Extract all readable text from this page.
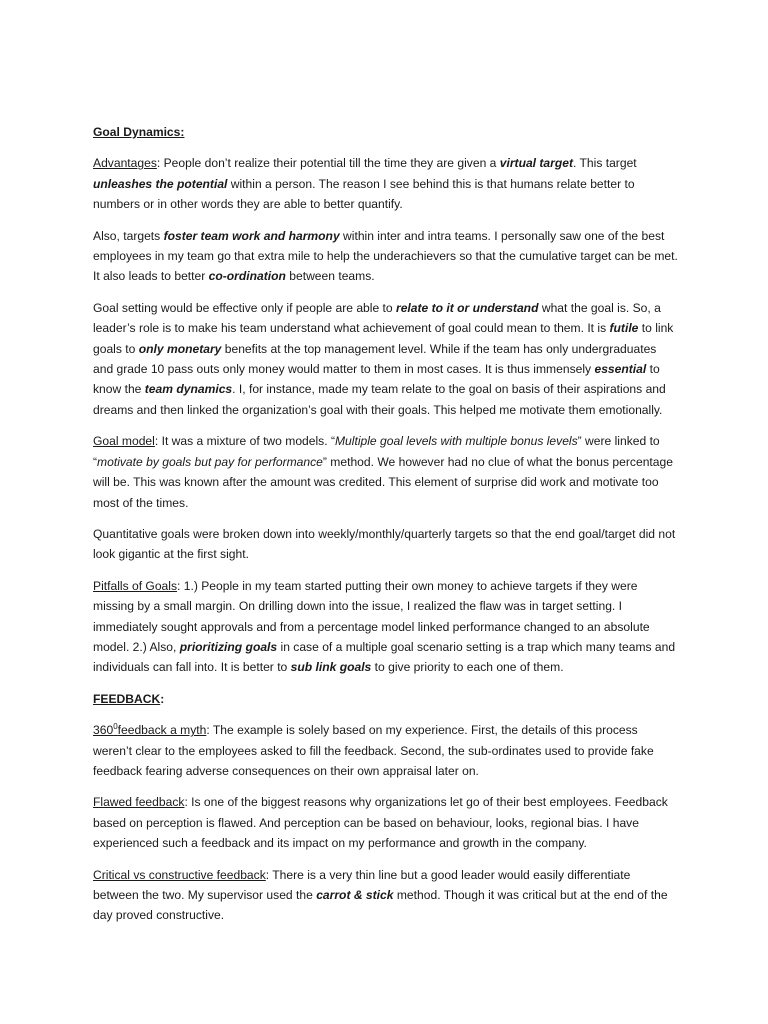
Goal Dynamics:

Advantages: People don’t realize their potential till the time they are given a virtual target. This target unleashes the potential within a person. The reason I see behind this is that humans relate better to numbers or in other words they are able to better quantify.

Also, targets foster team work and harmony within inter and intra teams. I personally saw one of the best employees in my team go that extra mile to help the underachievers so that the cumulative target can be met. It also leads to better co-ordination between teams.

Goal setting would be effective only if people are able to relate to it or understand what the goal is. So, a leader’s role is to make his team understand what achievement of goal could mean to them. It is futile to link goals to only monetary benefits at the top management level. While if the team has only undergraduates and grade 10 pass outs only money would matter to them in most cases. It is thus immensely essential to know the team dynamics. I, for instance, made my team relate to the goal on basis of their aspirations and dreams and then linked the organization’s goal with their goals. This helped me motivate them emotionally.

Goal model: It was a mixture of two models. “Multiple goal levels with multiple bonus levels” were linked to “motivate by goals but pay for performance” method. We however had no clue of what the bonus percentage will be. This was known after the amount was credited. This element of surprise did work and motivate too most of the times.

Quantitative goals were broken down into weekly/monthly/quarterly targets so that the end goal/target did not look gigantic at the first sight.

Pitfalls of Goals: 1.) People in my team started putting their own money to achieve targets if they were missing by a small margin. On drilling down into the issue, I realized the flaw was in target setting. I immediately sought approvals and from a percentage model linked performance changed to an absolute model. 2.) Also, prioritizing goals in case of a multiple goal scenario setting is a trap which many teams and individuals can fall into. It is better to sub link goals to give priority to each one of them.

FEEDBACK:

$360^0feedback$ a myth: The example is solely based on my experience. First, the details of this process weren’t clear to the employees asked to fill the feedback. Second, the sub-ordinates used to provide fake feedback fearing adverse consequences on their own appraisal later on.

Flawed feedback: Is one of the biggest reasons why organizations let go of their best employees. Feedback based on perception is flawed. And perception can be based on behaviour, looks, regional bias. I have experienced such a feedback and its impact on my performance and growth in the company.

Critical vs constructive feedback: There is a very thin line but a good leader would easily differentiate between the two. My supervisor used the carrot & stick method. Though it was critical but at the end of the day proved constructive.
